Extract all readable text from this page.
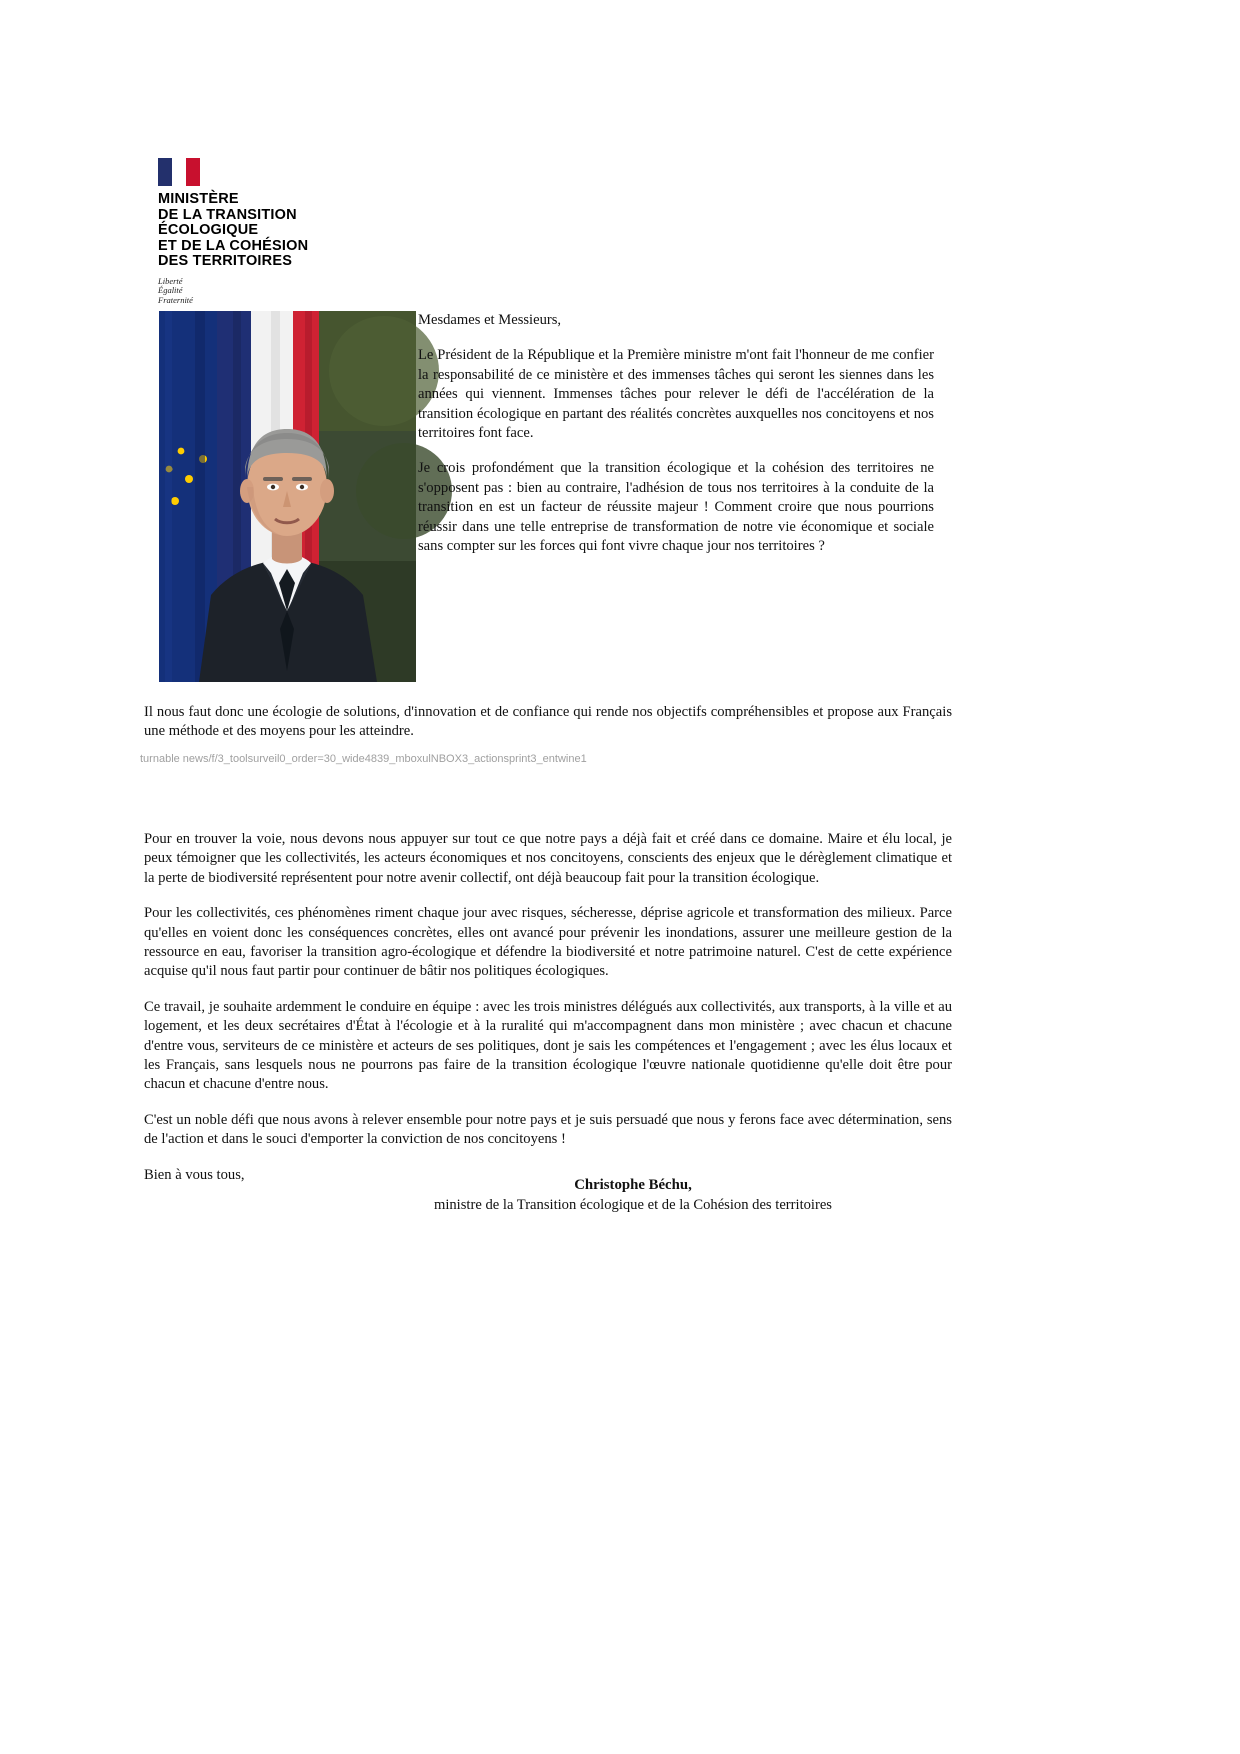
MINISTÈRE
DE LA TRANSITION
ÉCOLOGIQUE
ET DE LA COHÉSION
DES TERRITOIRES
Liberté
Égalité
Fraternité

Mesdames et Messieurs,

Le Président de la République et la Première ministre m'ont fait l'honneur de me confier la responsabilité de ce ministère et des immenses tâches qui seront les siennes dans les années qui viennent. Immenses tâches pour relever le défi de l'accélération de la transition écologique en partant des réalités concrètes auxquelles nos concitoyens et nos territoires font face.

Je crois profondément que la transition écologique et la cohésion des territoires ne s'opposent pas : bien au contraire, l'adhésion de tous nos territoires à la conduite de la transition en est un facteur de réussite majeur ! Comment croire que nous pourrions réussir dans une telle entreprise de transformation de notre vie économique et sociale sans compter sur les forces qui font vivre chaque jour nos territoires ?

Il nous faut donc une écologie de solutions, d'innovation et de confiance qui rende nos objectifs compréhensibles et propose aux Français une méthode et des moyens pour les atteindre.

turnable news/f/3_toolsurveil0_order=30_wide4839_mboxulNBOX3_actionsprint3_entwine1

Pour en trouver la voie, nous devons nous appuyer sur tout ce que notre pays a déjà fait et créé dans ce domaine. Maire et élu local, je peux témoigner que les collectivités, les acteurs économiques et nos concitoyens, conscients des enjeux que le dérèglement climatique et la perte de biodiversité représentent pour notre avenir collectif, ont déjà beaucoup fait pour la transition écologique.

Pour les collectivités, ces phénomènes riment chaque jour avec risques, sécheresse, déprise agricole et transformation des milieux. Parce qu'elles en voient donc les conséquences concrètes, elles ont avancé pour prévenir les inondations, assurer une meilleure gestion de la ressource en eau, favoriser la transition agro-écologique et défendre la biodiversité et notre patrimoine naturel. C'est de cette expérience acquise qu'il nous faut partir pour continuer de bâtir nos politiques écologiques.

Ce travail, je souhaite ardemment le conduire en équipe : avec les trois ministres délégués aux collectivités, aux transports, à la ville et au logement, et les deux secrétaires d'État à l'écologie et à la ruralité qui m'accompagnent dans mon ministère ; avec chacun et chacune d'entre vous, serviteurs de ce ministère et acteurs de ses politiques, dont je sais les compétences et l'engagement ; avec les élus locaux et les Français, sans lesquels nous ne pourrons pas faire de la transition écologique l'œuvre nationale quotidienne qu'elle doit être pour chacun et chacune d'entre nous.

C'est un noble défi que nous avons à relever ensemble pour notre pays et je suis persuadé que nous y ferons face avec détermination, sens de l'action et dans le souci d'emporter la conviction de nos concitoyens !

Bien à vous tous,

Christophe Béchu,
ministre de la Transition écologique et de la Cohésion des territoires
